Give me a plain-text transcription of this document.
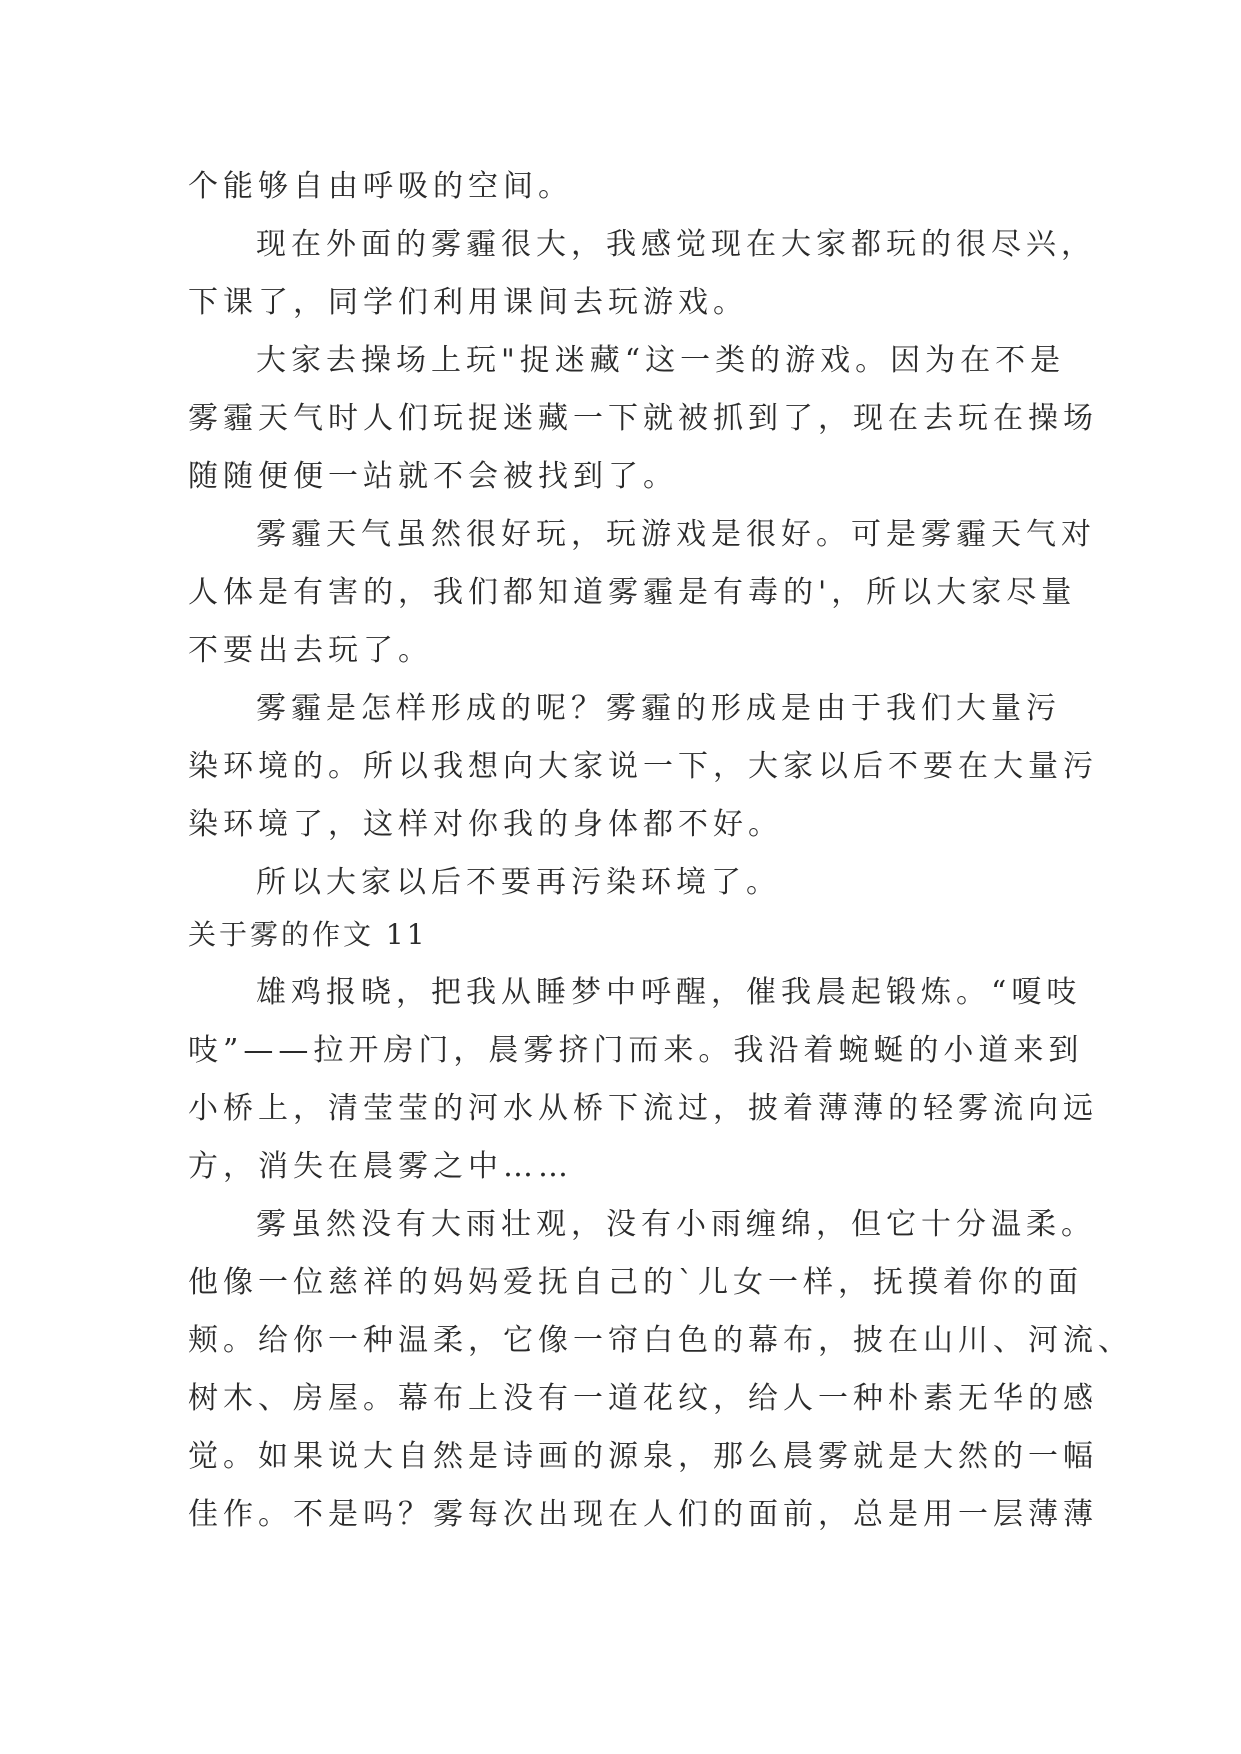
个能够自由呼吸的空间。

现在外面的雾霾很大，我感觉现在大家都玩的很尽兴，

下课了，同学们利用课间去玩游戏。

大家去操场上玩"捉迷藏“这一类的游戏。因为在不是

雾霾天气时人们玩捉迷藏一下就被抓到了，现在去玩在操场

随随便便一站就不会被找到了。

雾霾天气虽然很好玩，玩游戏是很好。可是雾霾天气对

人体是有害的，我们都知道雾霾是有毒的'，所以大家尽量

不要出去玩了。

雾霾是怎样形成的呢？雾霾的形成是由于我们大量污

染环境的。所以我想向大家说一下，大家以后不要在大量污

染环境了，这样对你我的身体都不好。

所以大家以后不要再污染环境了。

关于雾的作文 11

雄鸡报晓，把我从睡梦中呼醒，催我晨起锻炼。“嗄吱

吱”——拉开房门，晨雾挤门而来。我沿着蜿蜒的小道来到

小桥上，清莹莹的河水从桥下流过，披着薄薄的轻雾流向远

方，消失在晨雾之中……

雾虽然没有大雨壮观，没有小雨缠绵，但它十分温柔。

他像一位慈祥的妈妈爱抚自己的`儿女一样，抚摸着你的面

颊。给你一种温柔，它像一帘白色的幕布，披在山川、河流、

树木、房屋。幕布上没有一道花纹，给人一种朴素无华的感

觉。如果说大自然是诗画的源泉，那么晨雾就是大然的一幅

佳作。不是吗？雾每次出现在人们的面前，总是用一层薄薄
